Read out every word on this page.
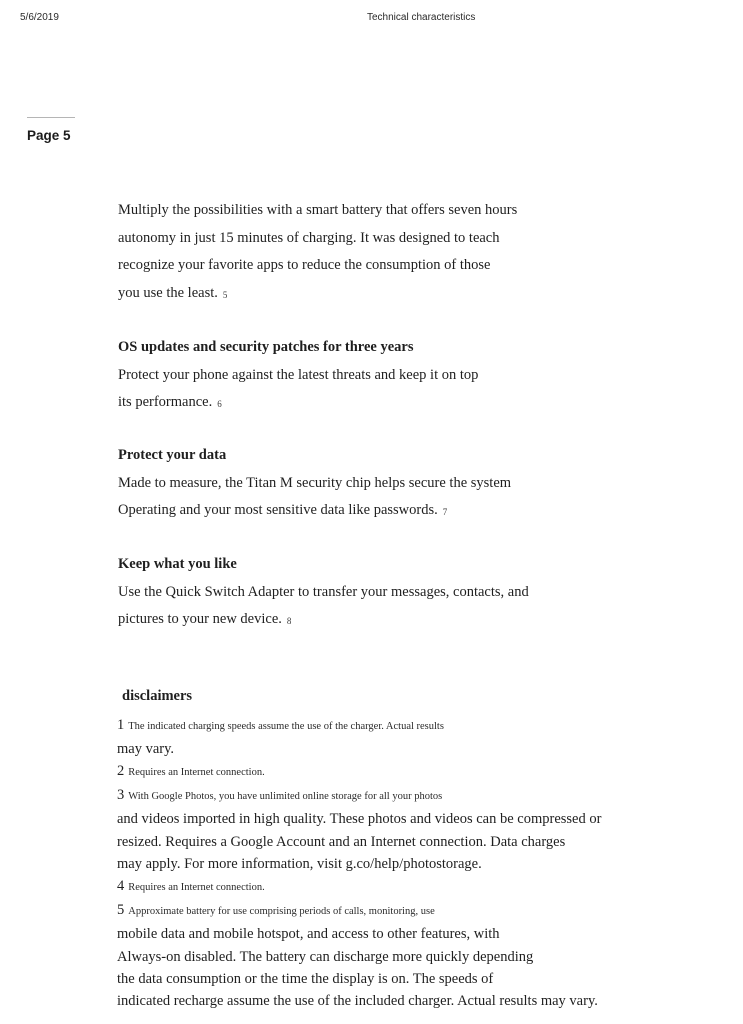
5/6/2019	Technical characteristics
Page 5
Multiply the possibilities with a smart battery that offers seven hours
autonomy in just 15 minutes of charging. It was designed to teach
recognize your favorite apps to reduce the consumption of those
you use the least. 5
OS updates and security patches for three years
Protect your phone against the latest threats and keep it on top
its performance. 6
Protect your data
Made to measure, the Titan M security chip helps secure the system
Operating and your most sensitive data like passwords. 7
Keep what you like
Use the Quick Switch Adapter to transfer your messages, contacts, and
pictures to your new device. 8
disclaimers
1 The indicated charging speeds assume the use of the charger. Actual results
may vary.
2 Requires an Internet connection.
3 With Google Photos, you have unlimited online storage for all your photos
and videos imported in high quality. These photos and videos can be compressed or
resized. Requires a Google Account and an Internet connection. Data charges
may apply. For more information, visit g.co/help/photostorage.
4 Requires an Internet connection.
5 Approximate battery for use comprising periods of calls, monitoring, use
mobile data and mobile hotspot, and access to other features, with
Always-on disabled. The battery can discharge more quickly depending
the data consumption or the time the display is on. The speeds of
indicated recharge assume the use of the included charger. Actual results may vary.
